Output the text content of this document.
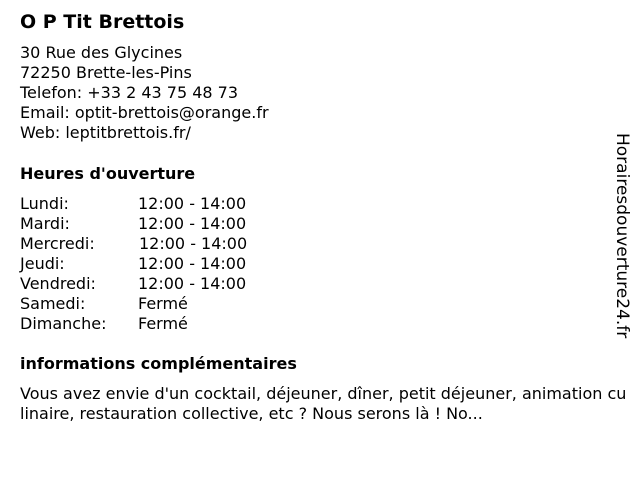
O P Tit Brettois
30 Rue des Glycines
72250 Brette-les-Pins
Telefon: +33 2 43 75 48 73
Email: optit-brettois@orange.fr
Web: leptitbrettois.fr/
Heures d'ouverture
Lundi:	12:00 - 14:00
Mardi:	12:00 - 14:00
Mercredi:	12:00 - 14:00
Jeudi:	12:00 - 14:00
Vendredi:	12:00 - 14:00
Samedi:	Fermé
Dimanche: Fermé
informations complémentaires
Vous avez envie d'un cocktail, déjeuner, dîner, petit déjeuner, animation culinaire, restauration collective, etc ? Nous serons là ! No...
Horairesdouverture24.fr
